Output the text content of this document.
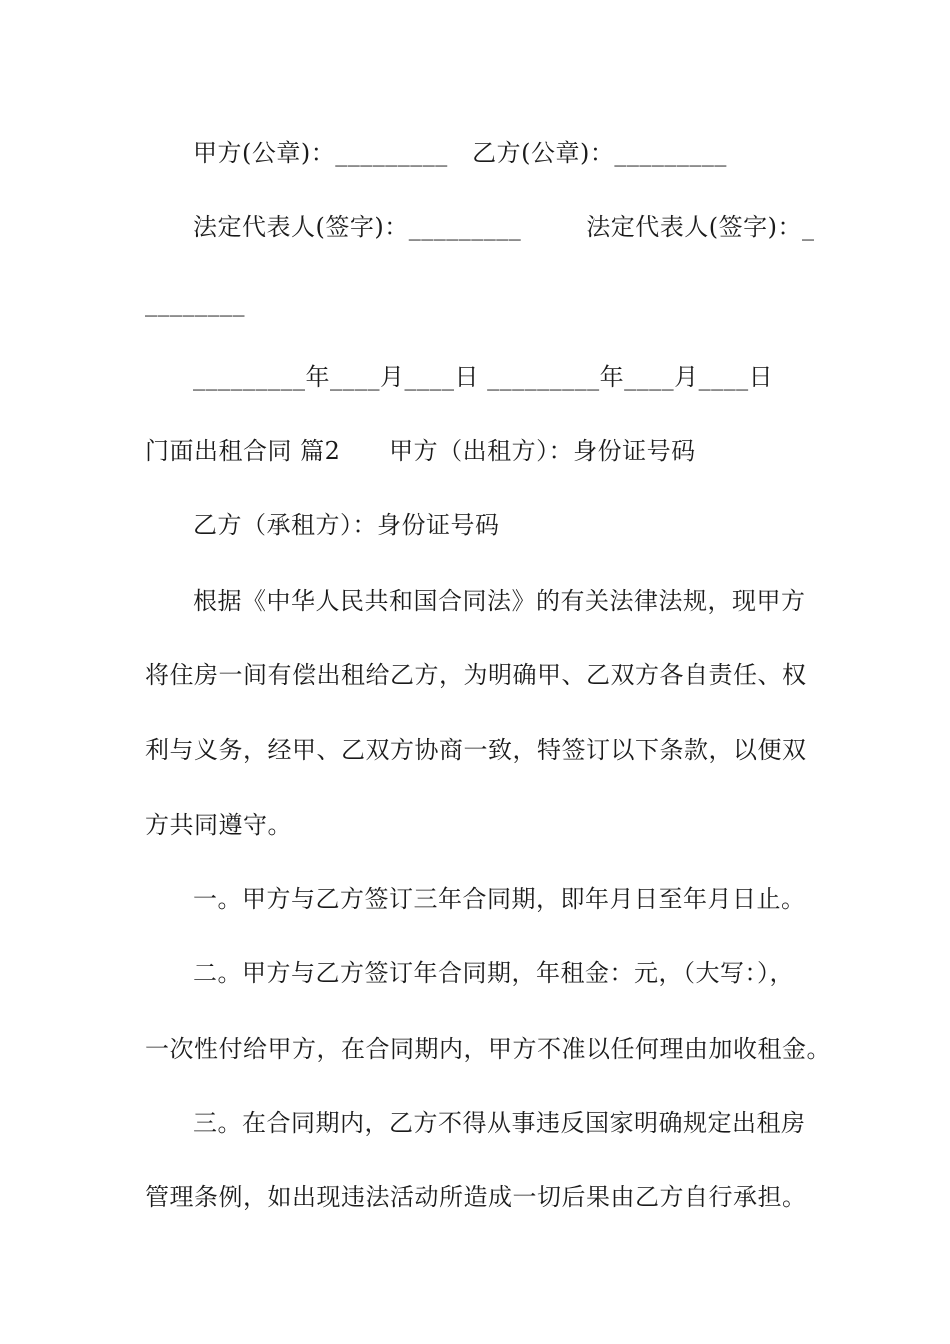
甲方(公章)：_________   乙方(公章)：_________
法定代表人(签字)：_________        法定代表人(签字)：_
________
_________年____月____日 _________年____月____日
门面出租合同 篇2      甲方（出租方）：身份证号码
乙方（承租方）：身份证号码
根据《中华人民共和国合同法》的有关法律法规，现甲方
将住房一间有偿出租给乙方，为明确甲、乙双方各自责任、权
利与义务，经甲、乙双方协商一致，特签订以下条款，以便双
方共同遵守。
一。甲方与乙方签订三年合同期，即年月日至年月日止。
二。甲方与乙方签订年合同期，年租金：元，（大写：），
一次性付给甲方，在合同期内，甲方不准以任何理由加收租金。
三。在合同期内，乙方不得从事违反国家明确规定出租房
管理条例，如出现违法活动所造成一切后果由乙方自行承担。
